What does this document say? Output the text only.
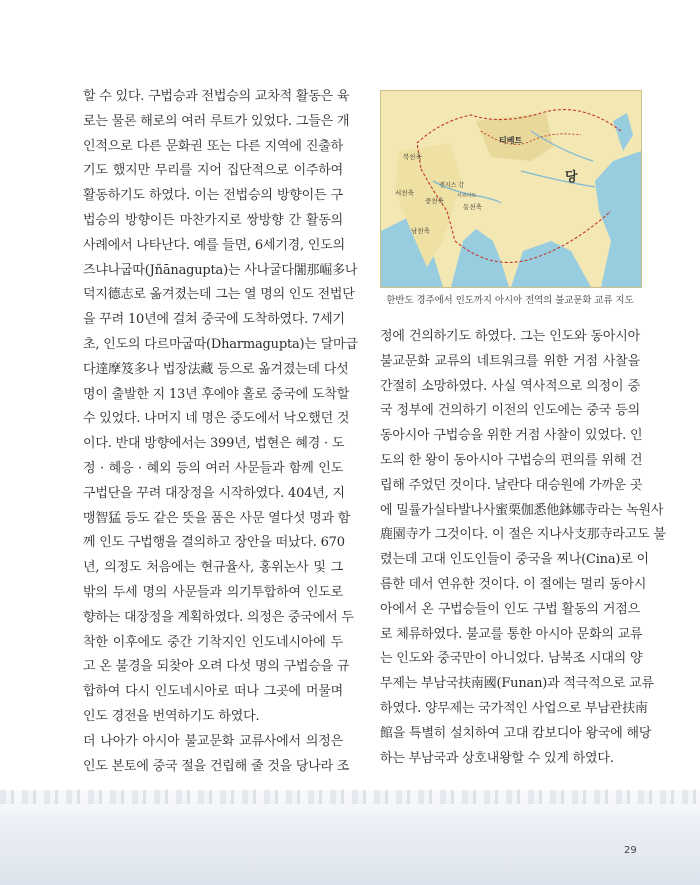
할 수 있다. 구법승과 전법승의 교차적 활동은 육

로는 물론 해로의 여러 루트가 있었다. 그들은 개

인적으로 다른 문화권 또는 다른 지역에 진출하

기도 했지만 무리를 지어 집단적으로 이주하여

활동하기도 하였다. 이는 전법승의 방향이든 구

법승의 방향이든 마찬가지로 쌍방향 간 활동의

사례에서 나타난다. 예를 들면, 6세기경, 인도의

즈냐나굽따(Jñānagupta)는 사나굴다闍那崛多나

덕지德志로 옮겨졌는데 그는 열 명의 인도 전법단

을 꾸려 10년에 걸쳐 중국에 도착하였다. 7세기

초, 인도의 다르마굽따(Dharmagupta)는 달마급

다達摩笈多나 법장法藏 등으로 옮겨졌는데 다섯

명이 출발한 지 13년 후에야 홀로 중국에 도착할

수 있었다. 나머지 네 명은 중도에서 낙오했던 것

이다. 반대 방향에서는 399년, 법현은 혜경 · 도

정 · 혜응 · 혜외 등의 여러 사문들과 함께 인도

구법단을 꾸려 대장정을 시작하였다. 404년, 지

맹智猛 등도 같은 뜻을 품은 사문 열다섯 명과 함

께 인도 구법행을 결의하고 장안을 떠났다. 670

년, 의정도 처음에는 현규율사, 홍위논사 및 그

밖의 두세 명의 사문들과 의기투합하여 인도로

향하는 대장정을 계획하였다. 의정은 중국에서 두

착한 이후에도 중간 기착지인 인도네시아에 두

고 온 불경을 되찾아 오려 다섯 명의 구법승을 규

합하여 다시 인도네시아로 떠나 그곳에 머물며

인도 경전을 번역하기도 하였다.

더 나아가 아시아 불교문화 교류사에서 의정은

인도 본토에 중국 절을 건립해 줄 것을 당나라 조

티베트
당
북천축
서천축
중천축
동천축
남천축
갠지스 강
사르나트
한반도 경주에서 인도까지 아시아 전역의 불교문화 교류 지도

정에 건의하기도 하였다. 그는 인도와 동아시아

불교문화 교류의 네트워크를 위한 거점 사찰을

간절히 소망하였다. 사실 역사적으로 의정이 중

국 정부에 건의하기 이전의 인도에는 중국 등의

동아시아 구법승을 위한 거점 사찰이 있었다. 인

도의 한 왕이 동아시아 구법승의 편의를 위해 건

립해 주었던 것이다. 날란다 대승원에 가까운 곳

에 밀률가실타발나사蜜栗伽悉他鉢娜寺라는 녹원사

鹿園寺가 그것이다. 이 절은 지나사支那寺라고도 불

렸는데 고대 인도인들이 중국을 찌나(Cina)로 이

름한 데서 연유한 것이다. 이 절에는 멀리 동아시

아에서 온 구법승들이 인도 구법 활동의 거점으

로 체류하였다. 불교를 통한 아시아 문화의 교류

는 인도와 중국만이 아니었다. 남북조 시대의 양

무제는 부남국扶南國(Funan)과 적극적으로 교류

하였다. 양무제는 국가적인 사업으로 부남관扶南

館을 특별히 설치하여 고대 캄보디아 왕국에 해당

하는 부남국과 상호내왕할 수 있게 하였다.

29
